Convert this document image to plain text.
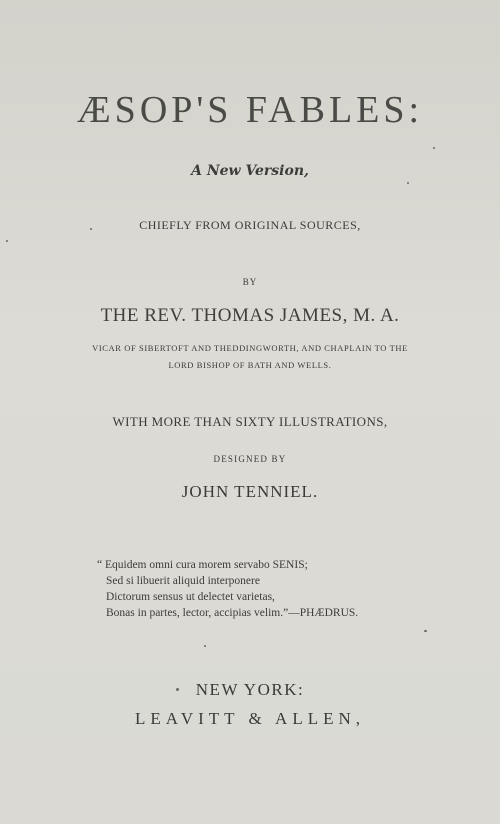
ÆSOP'S FABLES:
A New Version,
CHIEFLY FROM ORIGINAL SOURCES,
BY
THE REV. THOMAS JAMES, M. A.
VICAR OF SIBERTOFT AND THEDDINGWORTH, AND CHAPLAIN TO THE
LORD BISHOP OF BATH AND WELLS.
WITH MORE THAN SIXTY ILLUSTRATIONS,
DESIGNED BY
JOHN TENNIEL.
“ Equidem omni cura morem servabo SENIS;
Sed si libuerit aliquid interponere
Dictorum sensus ut delectet varietas,
Bonas in partes, lector, accipias velim.”—PHÆDRUS.
NEW YORK:
LEAVITT & ALLEN,
